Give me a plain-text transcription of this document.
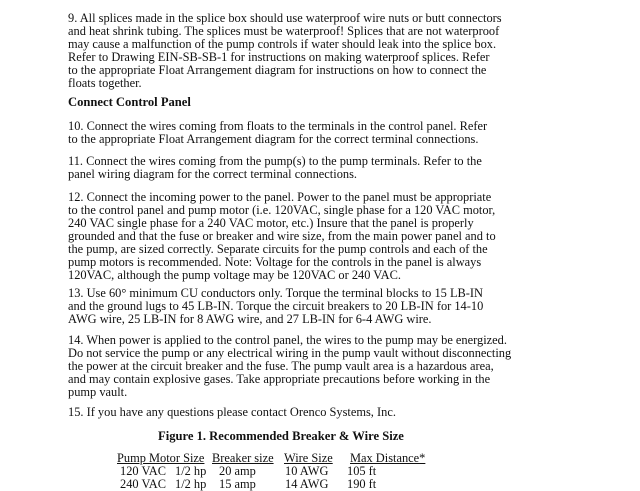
9. All splices made in the splice box should use waterproof wire nuts or butt connectors
and heat shrink tubing. The splices must be waterproof! Splices that are not waterproof
may cause a malfunction of the pump controls if water should leak into the splice box.
Refer to Drawing EIN-SB-SB-1 for instructions on making waterproof splices. Refer
to the appropriate Float Arrangement diagram for instructions on how to connect the
floats together.

Connect Control Panel

10. Connect the wires coming from floats to the terminals in the control panel. Refer
to the appropriate Float Arrangement diagram for the correct terminal connections.

11. Connect the wires coming from the pump(s) to the pump terminals. Refer to the
panel wiring diagram for the correct terminal connections.

12. Connect the incoming power to the panel. Power to the panel must be appropriate
to the control panel and pump motor (i.e. 120VAC, single phase for a 120 VAC motor,
240 VAC single phase for a 240 VAC motor, etc.) Insure that the panel is properly
grounded and that the fuse or breaker and wire size, from the main power panel and to
the pump, are sized correctly. Separate circuits for the pump controls and each of the
pump motors is recommended. Note: Voltage for the controls in the panel is always
120VAC, although the pump voltage may be 120VAC or 240 VAC.

13. Use 60° minimum CU conductors only. Torque the terminal blocks to 15 LB-IN
and the ground lugs to 45 LB-IN. Torque the circuit breakers to 20 LB-IN for 14-10
AWG wire, 25 LB-IN for 8 AWG wire, and 27 LB-IN for 6-4 AWG wire.

14. When power is applied to the control panel, the wires to the pump may be energized.
Do not service the pump or any electrical wiring in the pump vault without disconnecting
the power at the circuit breaker and the fuse. The pump vault area is a hazardous area,
and may contain explosive gases. Take appropriate precautions before working in the
pump vault.

15. If you have any questions please contact Orenco Systems, Inc.

Figure 1. Recommended Breaker & Wire Size
Pump Motor Size Breaker size Wire Size Max Distance*
120 VAC 1/2 hp 20 amp 10 AWG 105 ft
240 VAC 1/2 hp 15 amp 14 AWG 190 ft
